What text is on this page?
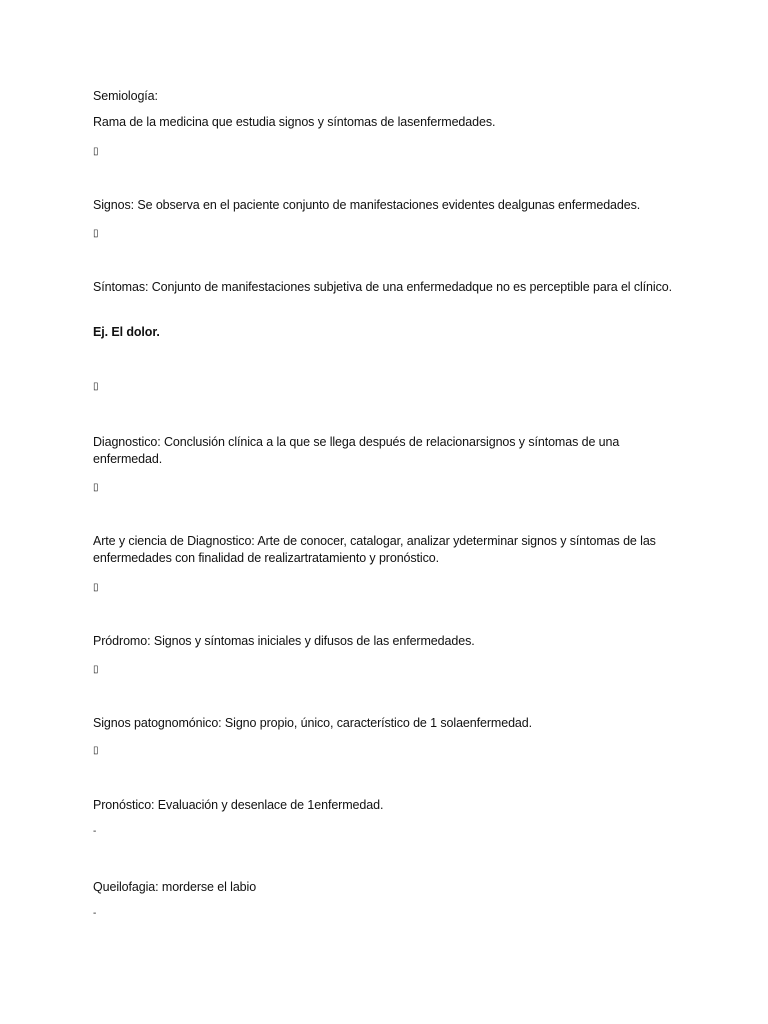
Semiología:
Rama de la medicina que estudia signos y síntomas de lasenfermedades.
▯
Signos: Se observa en el paciente conjunto de manifestaciones evidentes dealgunas enfermedades.
▯
Síntomas: Conjunto de manifestaciones subjetiva de una enfermedadque no es perceptible para el clínico.
Ej. El dolor.
▯
Diagnostico: Conclusión clínica a la que se llega después de relacionarsignos y síntomas de una enfermedad.
▯
Arte y ciencia de Diagnostico: Arte de conocer, catalogar, analizar ydeterminar signos y síntomas de las enfermedades con finalidad de realizartratamiento y pronóstico.
▯
Pródromo: Signos y síntomas iniciales y difusos de las enfermedades.
▯
Signos patognomónico: Signo propio, único, característico de 1 solaenfermedad.
▯
Pronóstico: Evaluación y desenlace de 1enfermedad.
-
Queilofagia: morderse el labio
-
